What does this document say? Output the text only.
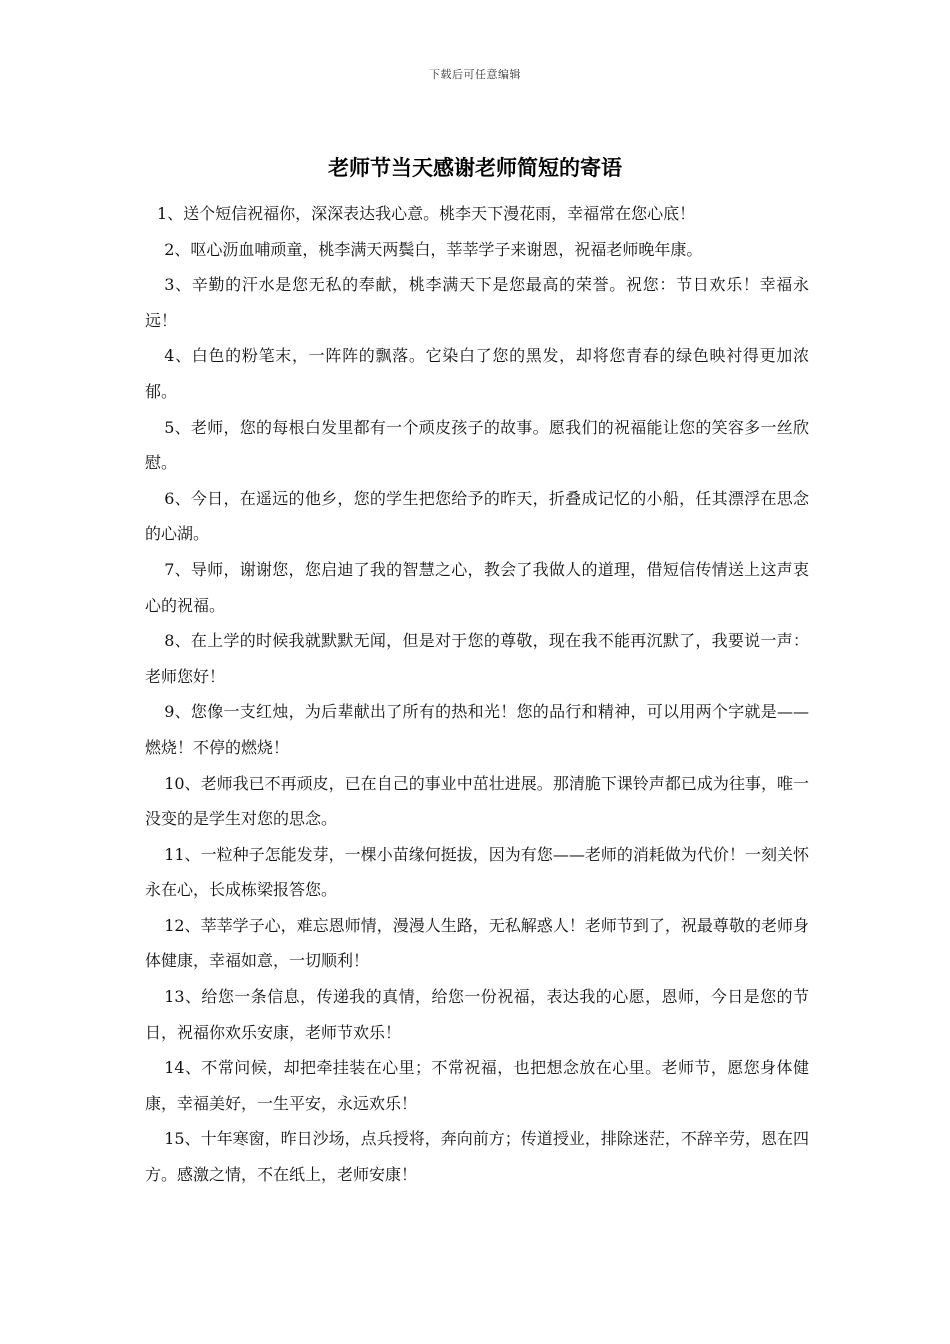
下载后可任意编辑
老师节当天感谢老师简短的寄语

1、送个短信祝福你，深深表达我心意。桃李天下漫花雨，幸福常在您心底！

2、呕心沥血哺顽童，桃李满天两鬓白，莘莘学子来谢恩，祝福老师晚年康。

3、辛勤的汗水是您无私的奉献，桃李满天下是您最高的荣誉。祝您：节日欢乐！幸福永远！

4、白色的粉笔末，一阵阵的飘落。它染白了您的黑发，却将您青春的绿色映衬得更加浓郁。

5、老师，您的每根白发里都有一个顽皮孩子的故事。愿我们的祝福能让您的笑容多一丝欣慰。

6、今日，在遥远的他乡，您的学生把您给予的昨天，折叠成记忆的小船，任其漂浮在思念的心湖。

7、导师，谢谢您，您启迪了我的智慧之心，教会了我做人的道理，借短信传情送上这声衷心的祝福。

8、在上学的时候我就默默无闻，但是对于您的尊敬，现在我不能再沉默了，我要说一声：老师您好！

9、您像一支红烛，为后辈献出了所有的热和光！您的品行和精神，可以用两个字就是——燃烧！不停的燃烧！

10、老师我已不再顽皮，已在自己的事业中茁壮进展。那清脆下课铃声都已成为往事，唯一没变的是学生对您的思念。

11、一粒种子怎能发芽，一棵小苗缘何挺拔，因为有您——老师的消耗做为代价！一刻关怀永在心，长成栋梁报答您。

12、莘莘学子心，难忘恩师情，漫漫人生路，无私解惑人！老师节到了，祝最尊敬的老师身体健康，幸福如意，一切顺利！

13、给您一条信息，传递我的真情，给您一份祝福，表达我的心愿，恩师，今日是您的节日，祝福你欢乐安康，老师节欢乐！

14、不常问候，却把牵挂装在心里；不常祝福，也把想念放在心里。老师节，愿您身体健康，幸福美好，一生平安，永远欢乐！

15、十年寒窗，昨日沙场，点兵授将，奔向前方；传道授业，排除迷茫，不辞辛劳，恩在四方。感激之情，不在纸上，老师安康！
